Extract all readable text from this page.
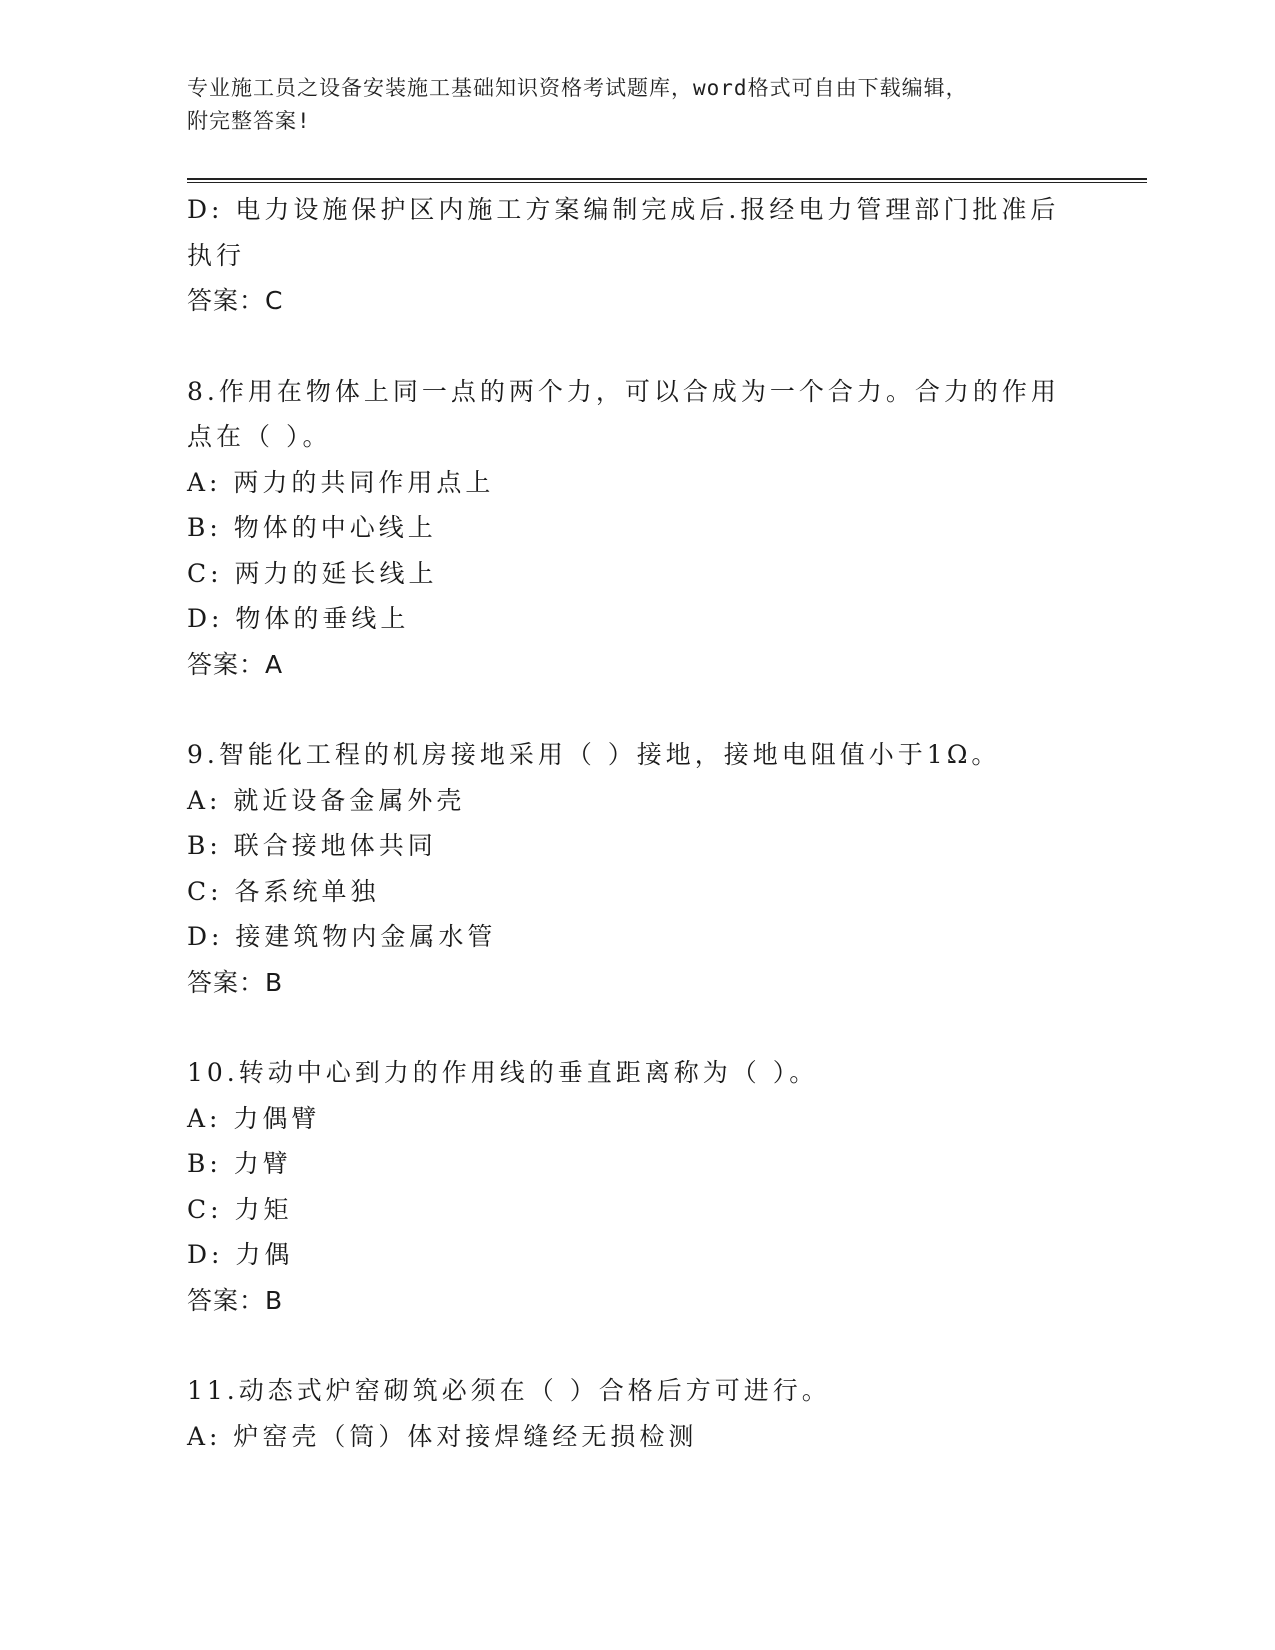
专业施工员之设备安装施工基础知识资格考试题库，word格式可自由下载编辑，
附完整答案!
D: 电力设施保护区内施工方案编制完成后.报经电力管理部门批准后
执行
答案：C
8.作用在物体上同一点的两个力，可以合成为一个合力。合力的作用
点在（ ）。
A: 两力的共同作用点上
B: 物体的中心线上
C: 两力的延长线上
D: 物体的垂线上
答案：A
9.智能化工程的机房接地采用（ ）接地，接地电阻值小于1Ω。
A: 就近设备金属外壳
B: 联合接地体共同
C: 各系统单独
D: 接建筑物内金属水管
答案：B
10.转动中心到力的作用线的垂直距离称为（ ）。
A: 力偶臂
B: 力臂
C: 力矩
D: 力偶
答案：B
11.动态式炉窑砌筑必须在（ ）合格后方可进行。
A: 炉窑壳（筒）体对接焊缝经无损检测
